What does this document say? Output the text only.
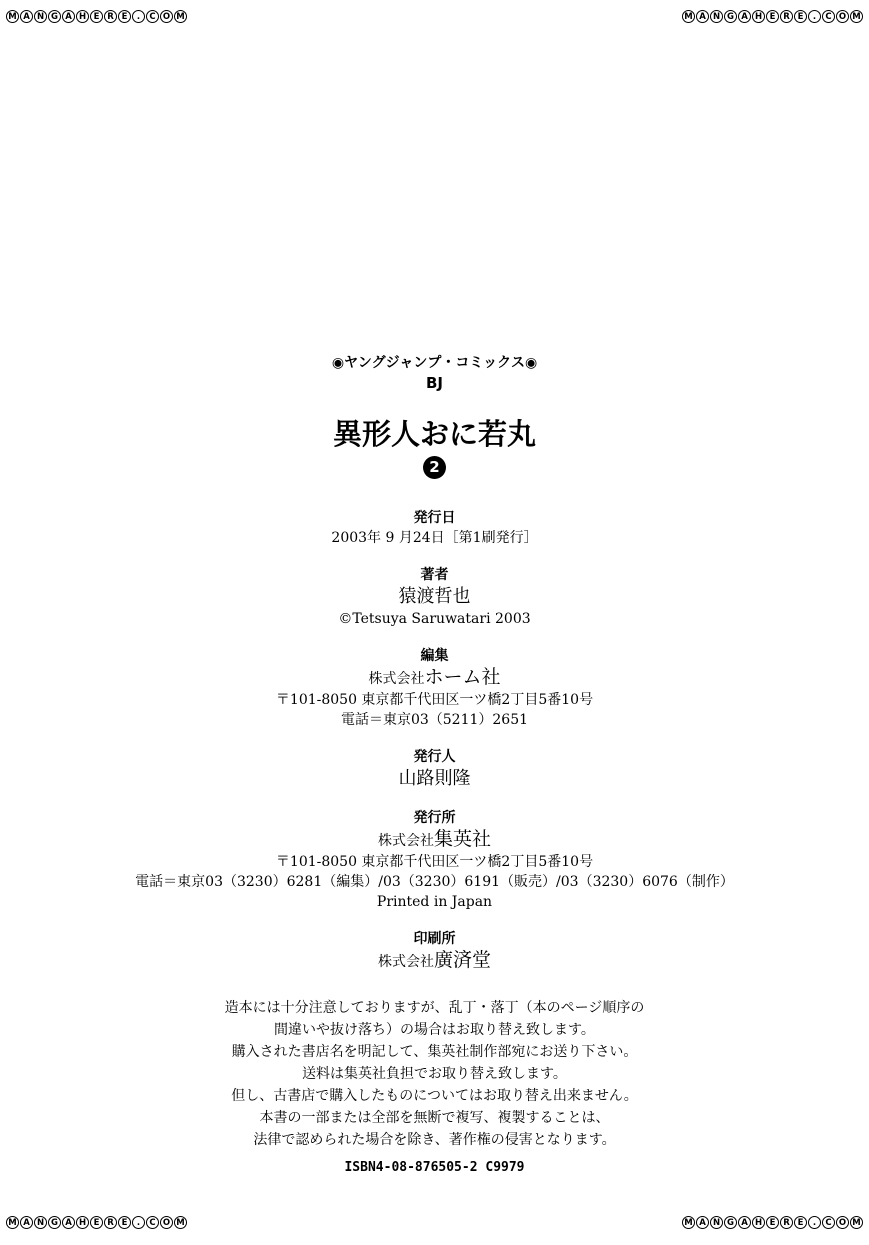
M A N G A H E R E	.	C O M	M A N G A H E R E	.	C O M
M A N G A H E R E	.	C O M	M A N G A H E R E	.	C O M
◉ヤングジャンプ・コミックス◉
BJ
異形人おに若丸
2
発行日
2003年 9 月24日［第1刷発行］
著者
猿渡哲也
©Tetsuya Saruwatari 2003
編集
株式会社ホーム社
〒101-8050 東京都千代田区一ツ橋2丁目5番10号
電話＝東京03（5211）2651
発行人
山路則隆
発行所
株式会社集英社
〒101-8050 東京都千代田区一ツ橋2丁目5番10号
電話＝東京03（3230）6281（編集）/03（3230）6191（販売）/03（3230）6076（制作）
Printed in Japan
印刷所
株式会社廣済堂
造本には十分注意しておりますが、乱丁・落丁（本のページ順序の
間違いや抜け落ち）の場合はお取り替え致します。
購入された書店名を明記して、集英社制作部宛にお送り下さい。
送料は集英社負担でお取り替え致します。
但し、古書店で購入したものについてはお取り替え出来ません。
本書の一部または全部を無断で複写、複製することは、
法律で認められた場合を除き、著作権の侵害となります。
ISBN4-08-876505-2 C9979
